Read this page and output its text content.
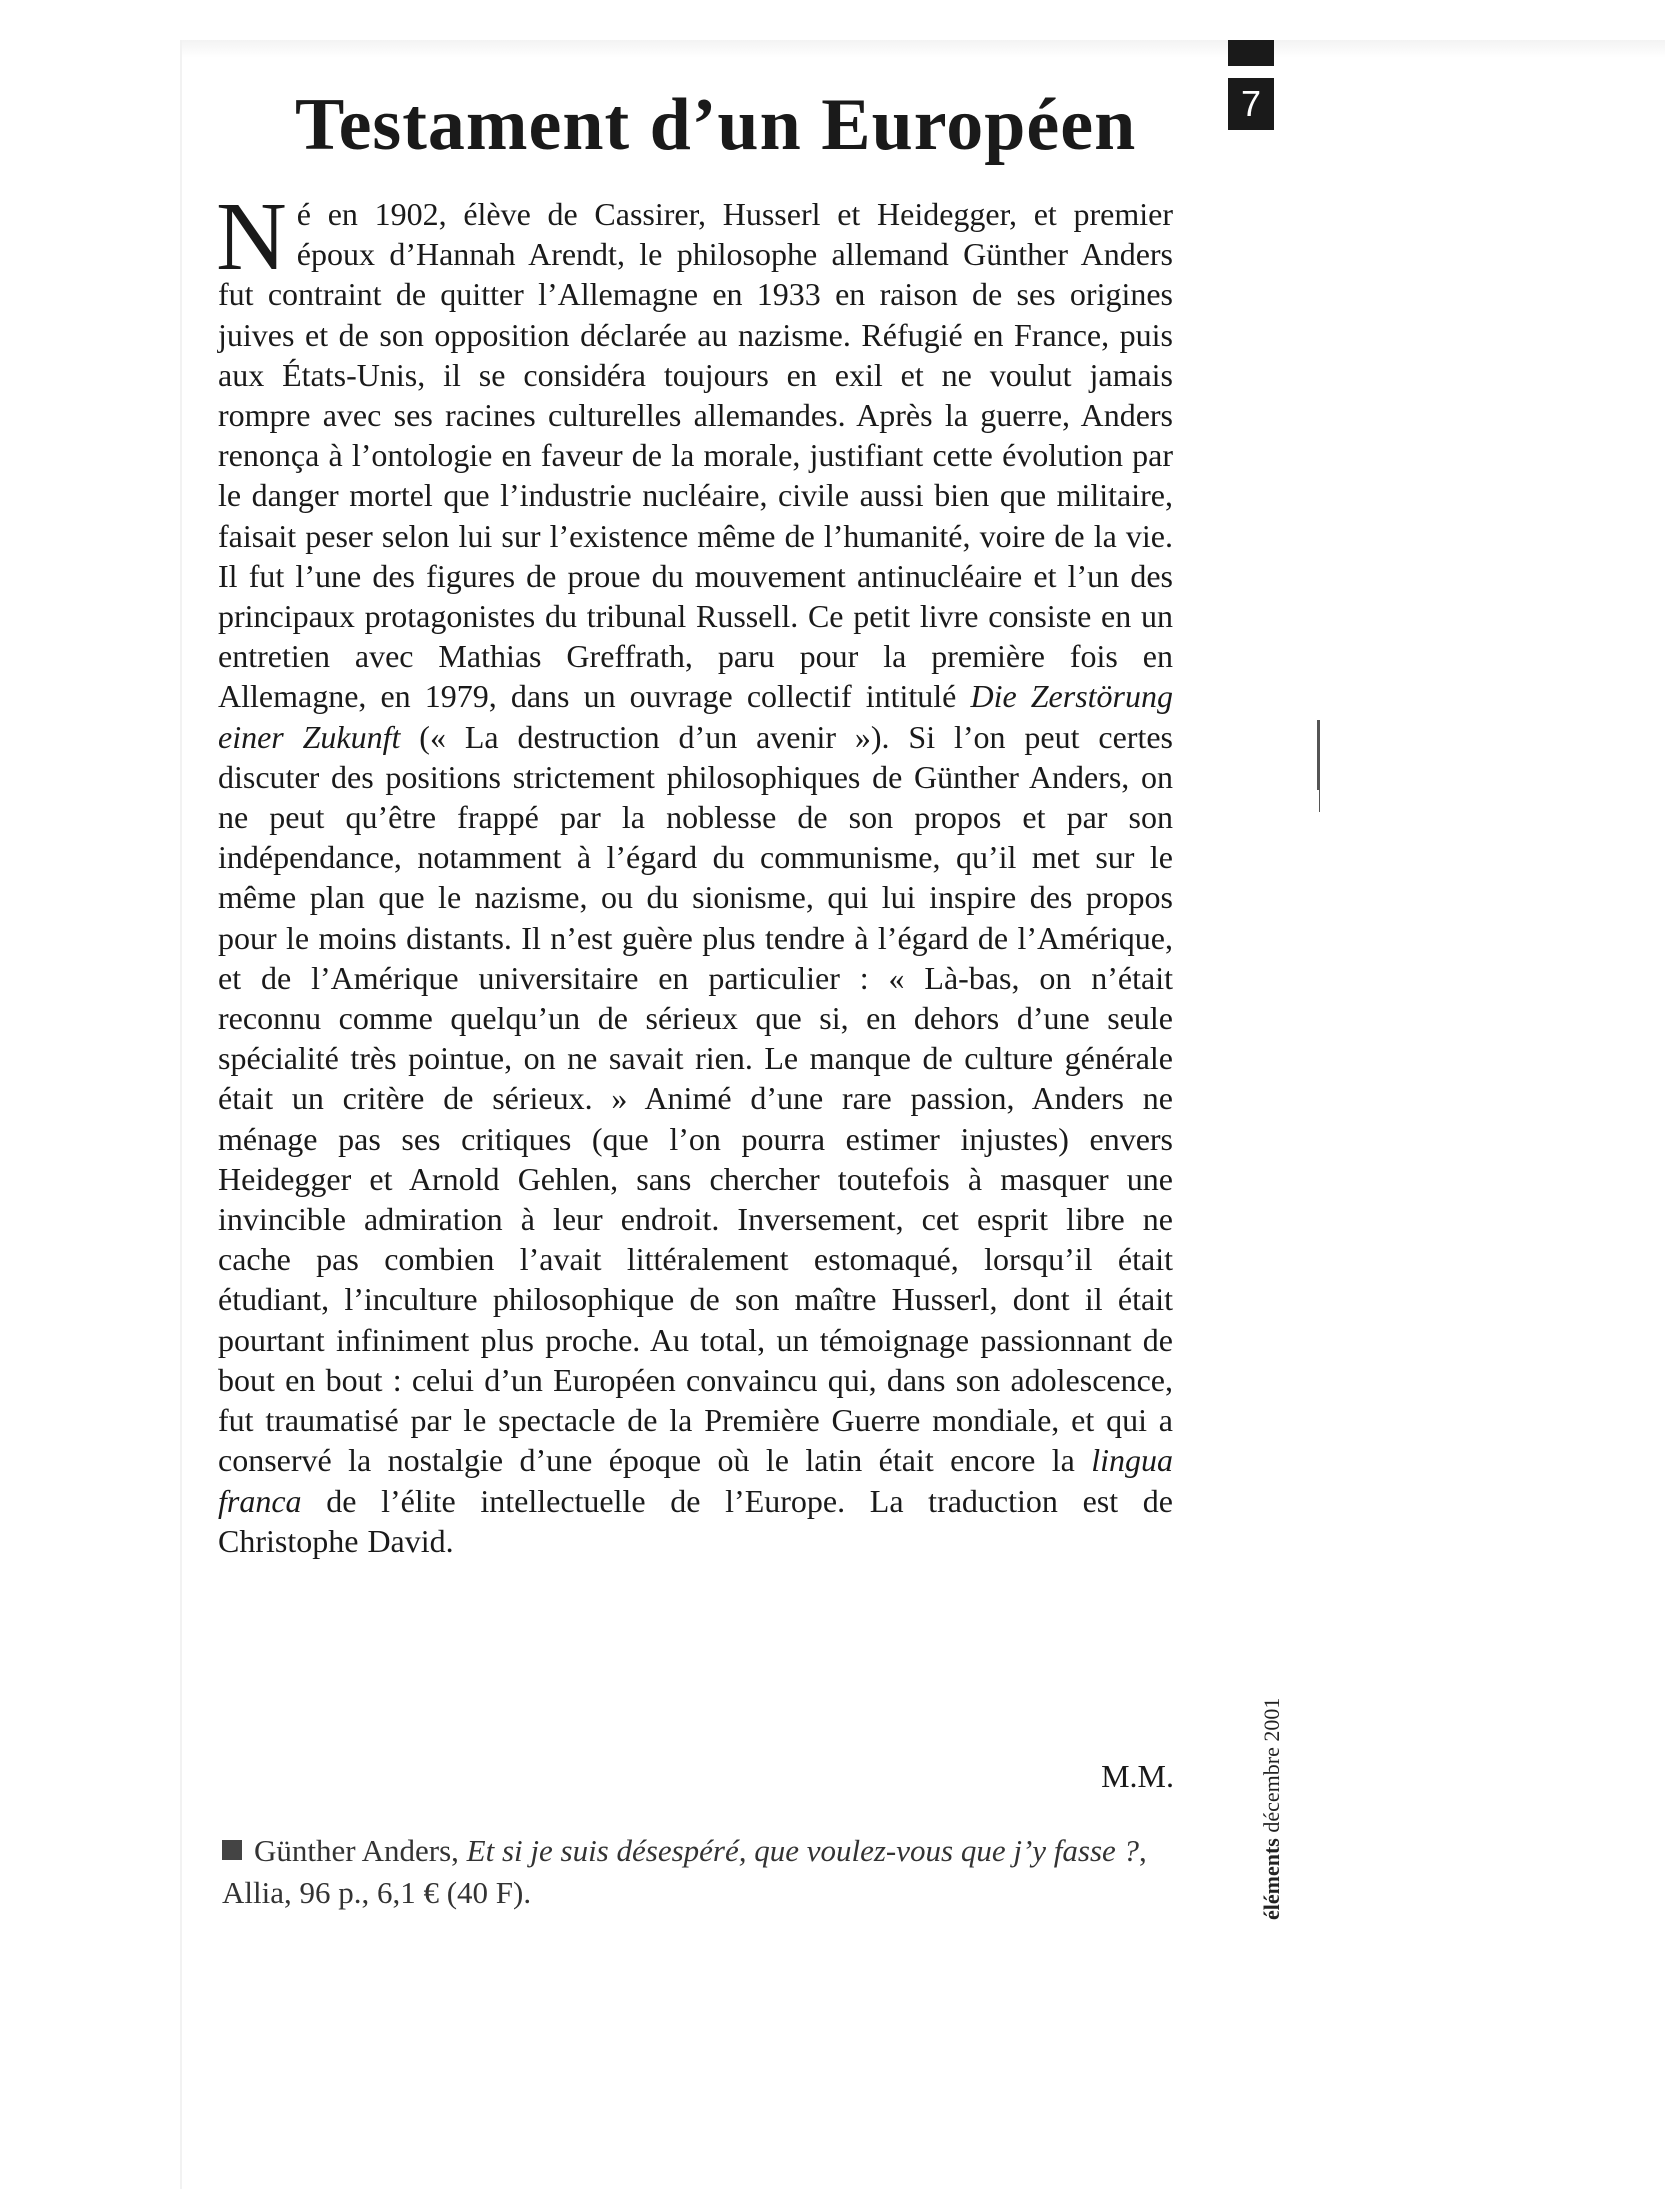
Testament d’un Européen	7

Né en 1902, élève de Cassirer, Husserl et Heidegger, et premier époux d’Hannah Arendt, le philosophe allemand Günther Anders fut contraint de quitter l’Allemagne en 1933 en raison de ses origines juives et de son opposition déclarée au nazisme. Réfugié en France, puis aux États-Unis, il se considéra toujours en exil et ne voulut jamais rompre avec ses racines culturelles allemandes. Après la guerre, Anders renonça à l’ontologie en faveur de la morale, justifiant cette évolution par le danger mortel que l’industrie nucléaire, civile aussi bien que militaire, faisait peser selon lui sur l’existence même de l’humanité, voire de la vie. Il fut l’une des figures de proue du mouvement antinucléaire et l’un des principaux protagonistes du tribunal Russell. Ce petit livre consiste en un entretien avec Mathias Greffrath, paru pour la première fois en Allemagne, en 1979, dans un ouvrage collectif intitulé Die Zerstörung einer Zukunft (« La destruction d’un avenir »). Si l’on peut certes discuter des positions strictement philosophiques de Günther Anders, on ne peut qu’être frappé par la noblesse de son propos et par son indépendance, notamment à l’égard du communisme, qu’il met sur le même plan que le nazisme, ou du sionisme, qui lui inspire des propos pour le moins distants. Il n’est guère plus tendre à l’égard de l’Amérique, et de l’Amérique universitaire en particulier : « Là-bas, on n’était reconnu comme quelqu’un de sérieux que si, en dehors d’une seule spécialité très pointue, on ne savait rien. Le manque de culture générale était un critère de sérieux. » Animé d’une rare passion, Anders ne ménage pas ses critiques (que l’on pourra estimer injustes) envers Heidegger et Arnold Gehlen, sans chercher toutefois à masquer une invincible admiration à leur endroit. Inversement, cet esprit libre ne cache pas combien l’avait littéralement estomaqué, lorsqu’il était étudiant, l’inculture philosophique de son maître Husserl, dont il était pourtant infiniment plus proche. Au total, un témoignage passionnant de bout en bout : celui d’un Européen convaincu qui, dans son adolescence, fut traumatisé par le spectacle de la Première Guerre mondiale, et qui a conservé la nostalgie d’une époque où le latin était encore la lingua franca de l’élite intellectuelle de l’Europe. La traduction est de Christophe David.

M.M.

Günther Anders, Et si je suis désespéré, que voulez-vous que j’y fasse ?, Allia, 96 p., 6,1 € (40 F).	éléments décembre 2001
